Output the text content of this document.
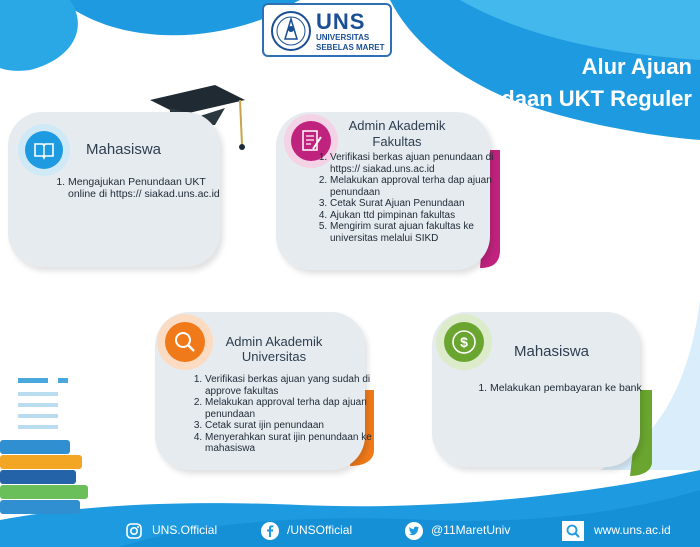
UNS
UNIVERSITAS
SEBELAS MARET
Alur Ajuan
Penundaan UKT Reguler
Mahasiswa
1. Mengajukan Penundaan UKT online di https:// siakad.uns.ac.id
Admin Akademik
Fakultas
1. Verifikasi berkas ajuan penundaan di https:// siakad.uns.ac.id
2. Melakukan approval terha dap ajuan penundaan
3. Cetak Surat Ajuan Penundaan
4. Ajukan ttd pimpinan fakultas
5. Mengirim surat ajuan fakultas ke universitas melalui SIKD
Admin Akademik
Universitas
1. Verifikasi berkas ajuan yang sudah di approve fakultas
2. Melakukan approval terha dap ajuan penundaan
3. Cetak surat ijin penundaan
4. Menyerahkan surat ijin penundaan ke mahasiswa
$
Mahasiswa
1. Melakukan pembayaran ke bank
UNS.Official	/UNSOfficial	@11MaretUniv	www.uns.ac.id
